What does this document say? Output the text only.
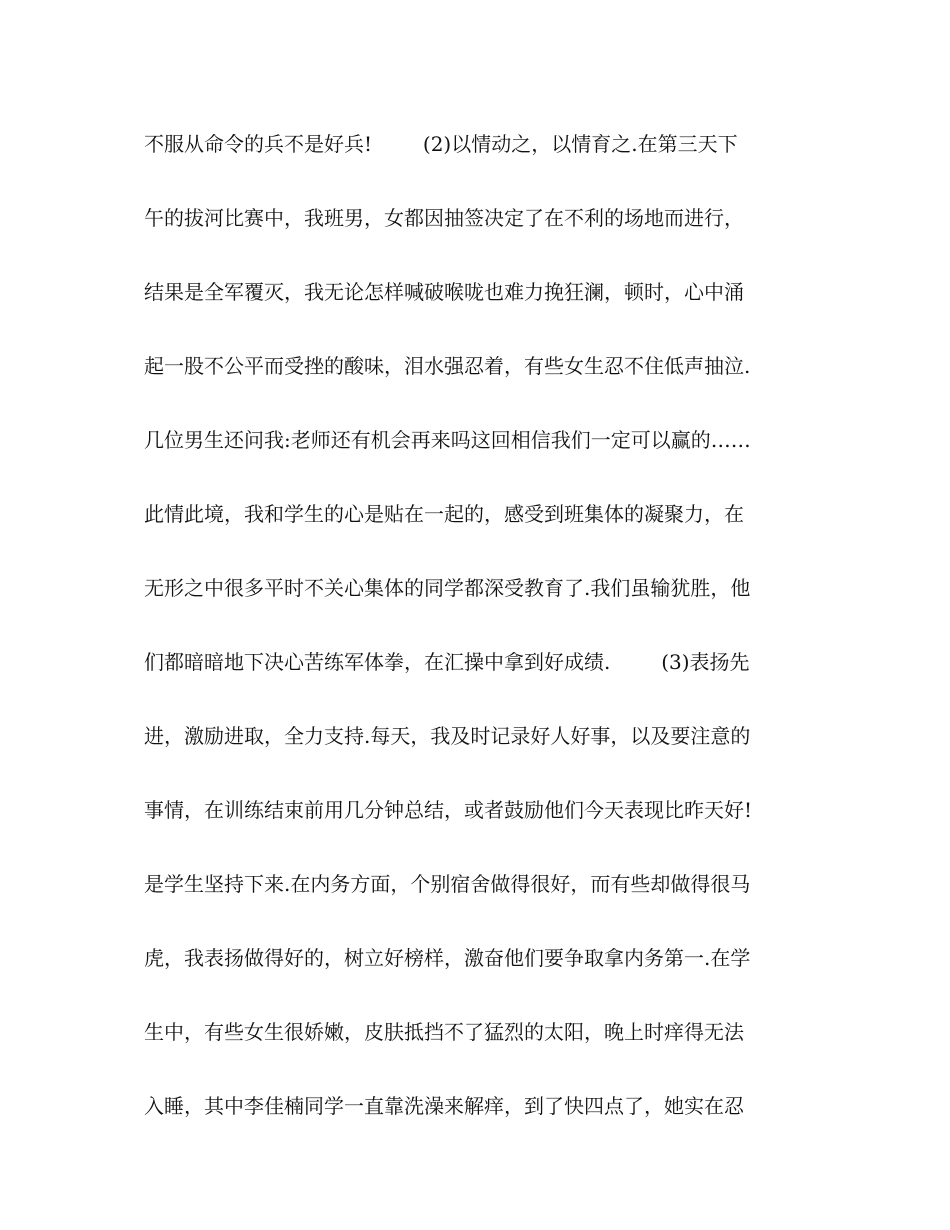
不服从命令的兵不是好兵!        (2)以情动之，以情育之.在第三天下
午的拔河比赛中，我班男，女都因抽签决定了在不利的场地而进行，
结果是全军覆灭，我无论怎样喊破喉咙也难力挽狂澜，顿时，心中涌
起一股不公平而受挫的酸味，泪水强忍着，有些女生忍不住低声抽泣.
几位男生还问我:老师还有机会再来吗这回相信我们一定可以赢的……
此情此境，我和学生的心是贴在一起的，感受到班集体的凝聚力，在
无形之中很多平时不关心集体的同学都深受教育了.我们虽输犹胜，他
们都暗暗地下决心苦练军体拳，在汇操中拿到好成绩.        (3)表扬先
进，激励进取，全力支持.每天，我及时记录好人好事，以及要注意的
事情，在训练结束前用几分钟总结，或者鼓励他们今天表现比昨天好!
是学生坚持下来.在内务方面，个别宿舍做得很好，而有些却做得很马
虎，我表扬做得好的，树立好榜样，激奋他们要争取拿内务第一.在学
生中，有些女生很娇嫩，皮肤抵挡不了猛烈的太阳，晚上时痒得无法
入睡，其中李佳楠同学一直靠洗澡来解痒，到了快四点了，她实在忍
